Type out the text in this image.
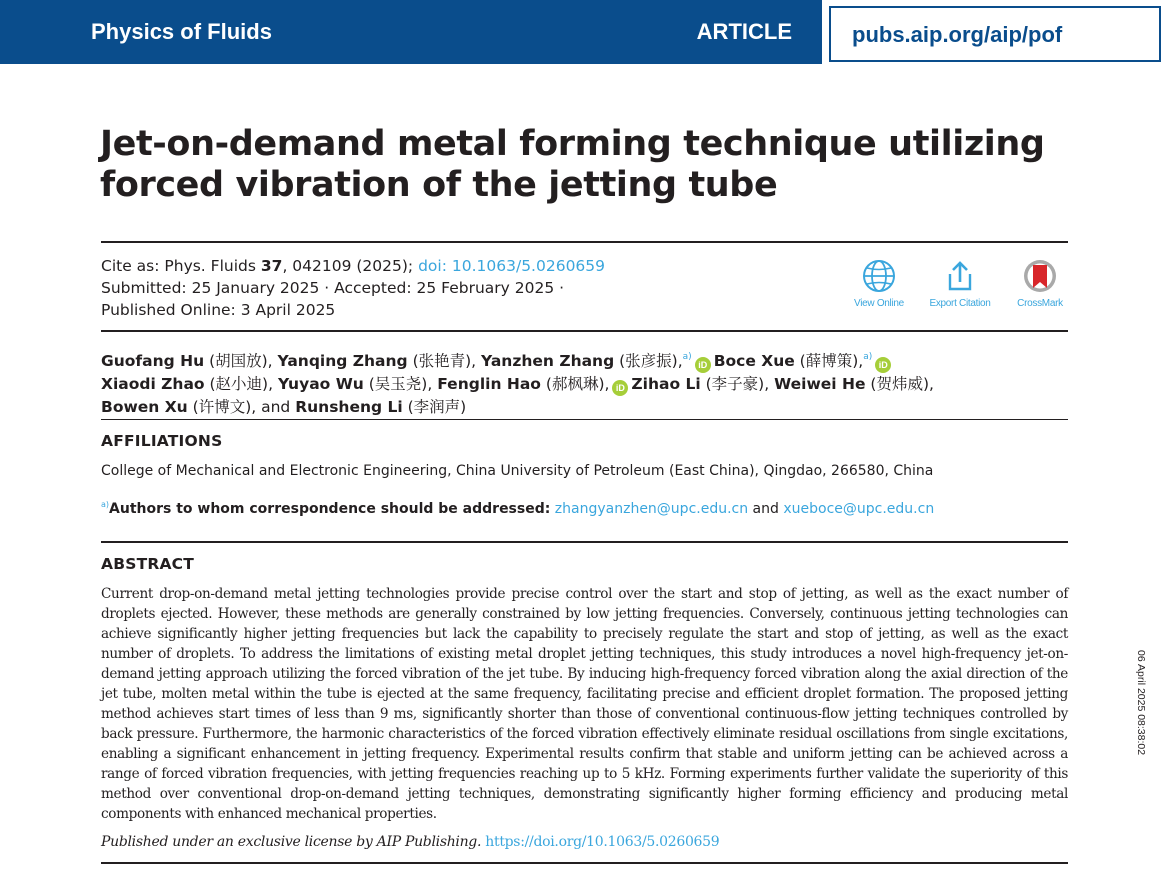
Physics of Fluids	ARTICLE	pubs.aip.org/aip/pof
Jet-on-demand metal forming technique utilizing
forced vibration of the jetting tube
Cite as: Phys. Fluids 37, 042109 (2025); doi: 10.1063/5.0260659
Submitted: 25 January 2025 · Accepted: 25 February 2025 ·
Published Online: 3 April 2025	View Online	Export Citation	CrossMark
Guofang Hu (胡国放), Yanqing Zhang (张艳青), Yanzhen Zhang (张彦振),$^{a)}$iD Boce Xue (薛博策),$^{a)}$iD
Xiaodi Zhao (赵小迪), Yuyao Wu (吴玉尧), Fenglin Hao (郝枫琳), iD Zihao Li (李子豪), Weiwei He (贺炜威),
Bowen Xu (许博文), and Runsheng Li (李润声)
AFFILIATIONS
College of Mechanical and Electronic Engineering, China University of Petroleum (East China), Qingdao, 266580, China
$^{a)}$Authors to whom correspondence should be addressed: zhangyanzhen@upc.edu.cn and xueboce@upc.edu.cn
ABSTRACT

Current drop-on-demand metal jetting technologies provide precise control over the start and stop of jetting, as well as the exact number of droplets ejected. However, these methods are generally constrained by low jetting frequencies. Conversely, continuous jetting technologies can achieve significantly higher jetting frequencies but lack the capability to precisely regulate the start and stop of jetting, as well as the exact number of droplets. To address the limitations of existing metal droplet jetting techniques, this study introduces a novel high-frequency jet-on-demand jetting approach utilizing the forced vibration of the jet tube. By inducing high-frequency forced vibration along the axial direction of the jet tube, molten metal within the tube is ejected at the same frequency, facilitating precise and efficient droplet formation. The proposed jetting method achieves start times of less than 9 ms, significantly shorter than those of conventional continuous-flow jetting techniques controlled by back pressure. Furthermore, the harmonic characteristics of the forced vibration effectively eliminate residual oscillations from single excitations, enabling a significant enhancement in jetting frequency. Experimental results confirm that stable and uniform jetting can be achieved across a range of forced vibration frequencies, with jetting frequencies reaching up to 5 kHz. Forming experiments further validate the superiority of this method over conventional drop-on-demand jetting techniques, demonstrating significantly higher forming efficiency and producing metal components with enhanced mechanical properties.

Published under an exclusive license by AIP Publishing. https://doi.org/10.1063/5.0260659
06 April 2025 08:38:02
